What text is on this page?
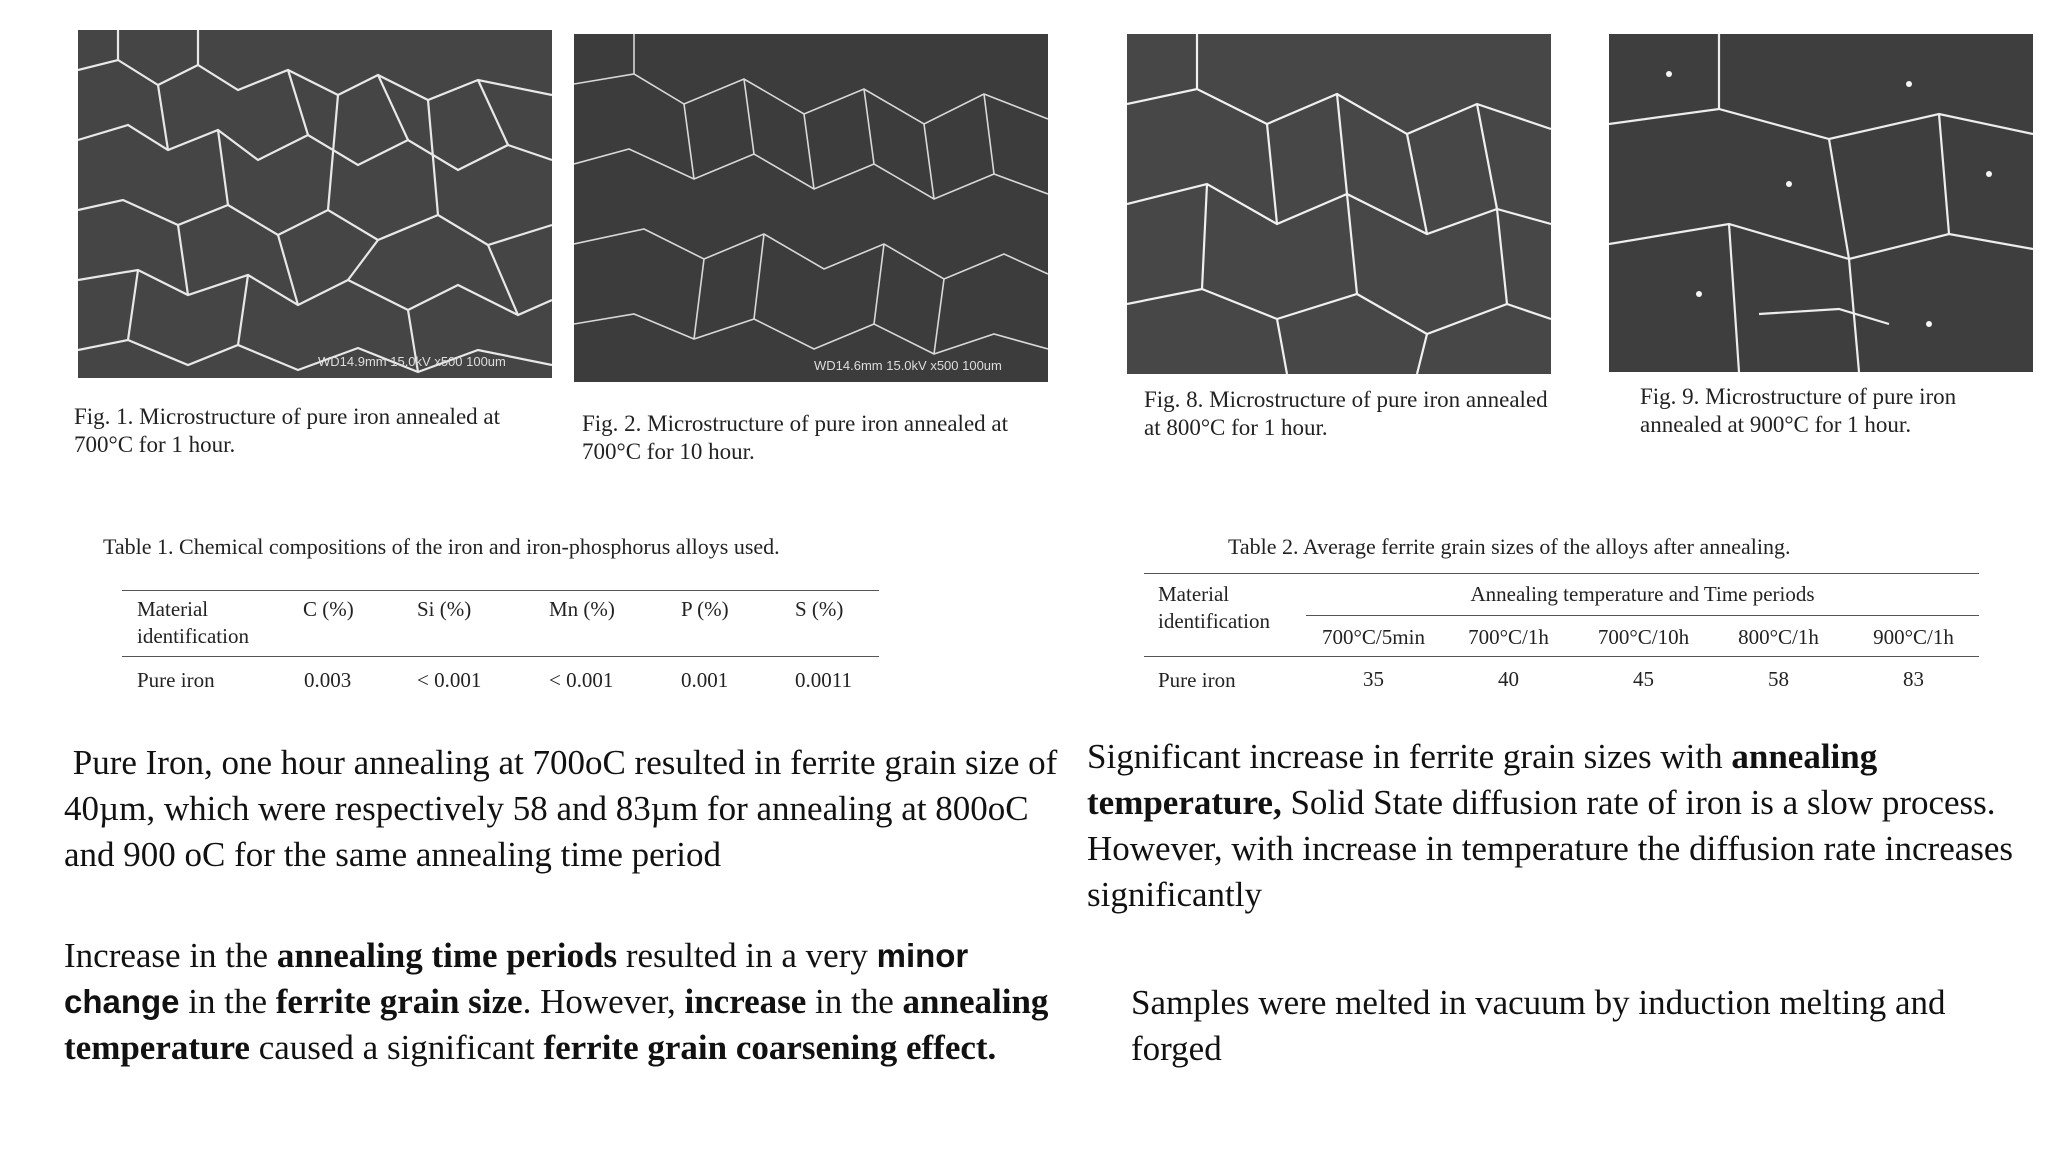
WD14.9mm 15.0kV x500 100um
Fig. 1. Microstructure of pure iron annealed at
700°C for 1 hour.
WD14.6mm 15.0kV x500 100um
Fig. 2. Microstructure of pure iron annealed at
700°C for 10 hour.
Fig. 8. Microstructure of pure iron annealed
at 800°C for 1 hour.
Fig. 9. Microstructure of pure iron
annealed at 900°C for 1 hour.
Table 1. Chemical compositions of the iron and iron-phosphorus alloys used.
Material
identification
C (%)	Si (%)	Mn (%)	P (%)	S (%)
Pure iron	0.003	< 0.001	< 0.001	0.001	0.0011
Table 2. Average ferrite grain sizes of the alloys after annealing.
Material
identification
Annealing temperature and Time periods
700°C/5min	700°C/1h	700°C/10h	800°C/1h	900°C/1h
Pure iron	35	40	45	58	83
Pure Iron, one hour annealing at 700oC resulted in ferrite grain size of 40µm, which were respectively 58 and 83µm for annealing at 800oC and 900 oC for the same annealing time period
Increase in the annealing time periods resulted in a very minor change in the ferrite grain size. However, increase in the annealing temperature caused a significant ferrite grain coarsening effect.
Significant increase in ferrite grain sizes with annealing temperature, Solid State diffusion rate of iron is a slow process. However, with increase in temperature the diffusion rate increases significantly
Samples were melted in vacuum by induction melting and forged
